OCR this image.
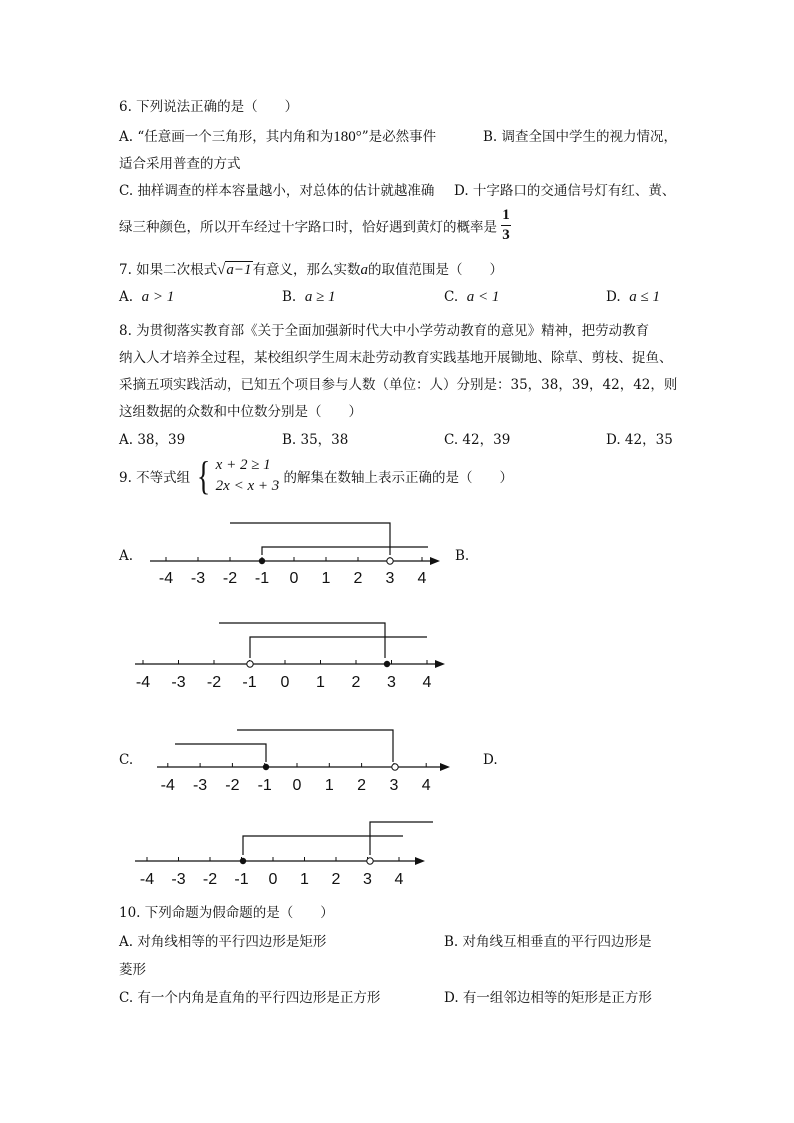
6. 下列说法正确的是（　　）
A. “任意画一个三角形，其内角和为180°”是必然事件	B. 调查全国中学生的视力情况，
适合采用普查的方式
C. 抽样调查的样本容量越小，对总体的估计就越准确 D. 十字路口的交通信号灯有红、黄、
绿三种颜色，所以开车经过十字路口时，恰好遇到黄灯的概率是 $\frac{1}{3}$
7. 如果二次根式√a−1有意义，那么实数a的取值范围是（　　）
A. a > 1	B. a ≥ 1	C. a < 1	D. a ≤ 1
8. 为贯彻落实教育部《关于全面加强新时代大中小学劳动教育的意见》精神，把劳动教育
纳入人才培养全过程，某校组织学生周末赴劳动教育实践基地开展锄地、除草、剪枝、捉鱼、
采摘五项实践活动，已知五个项目参与人数（单位：人）分别是：35，38，39，42，42，则
这组数据的众数和中位数分别是（　　）
A. 38，39	B. 35，38	C. 42，39	D. 42，35
9. 不等式组 { x + 2 ≥ 1
2x < x + 3 的解集在数轴上表示正确的是（　　）
A.	B.
C.	D.
-4 -3 -2 -1 0 1 2 3 4
-4 -3 -2 -1 0 1 2 3 4
-4 -3 -2 -1 0 1 2 3 4
-4 -3 -2 -1 0 1 2 3 4
10. 下列命题为假命题的是（　　）
A. 对角线相等的平行四边形是矩形	B. 对角线互相垂直的平行四边形是
菱形
C. 有一个内角是直角的平行四边形是正方形	D. 有一组邻边相等的矩形是正方形
